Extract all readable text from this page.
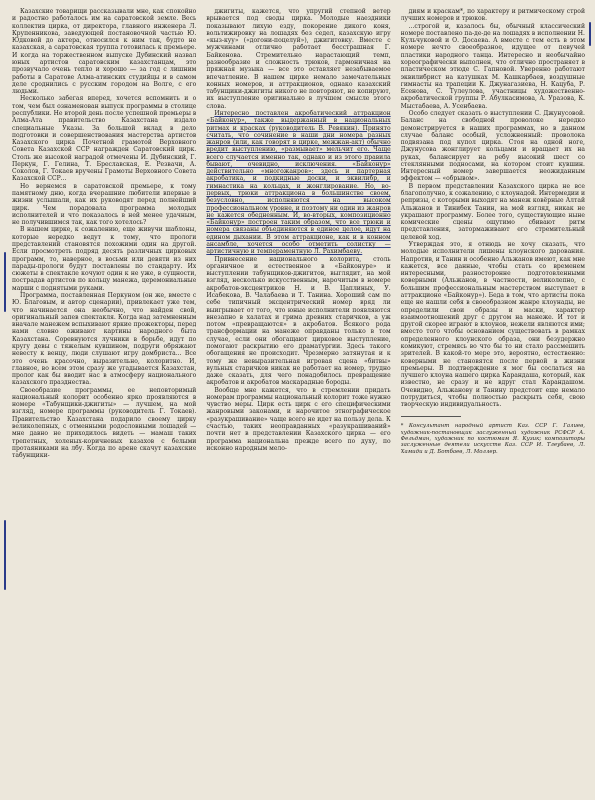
Казахские товарищи рассказывали мне, как спокойно и радостно работалось им на саратовской земле. Весь коллектив цирка, от директора, главного инженера Л. Крупенникова, заведующей постановочной частью Ю. Юдковой до актера, относился к ним так, будто не казахская, а саратовская труппа готовилась к премьере. И когда на торжественном выпуске Дубинский назвал юных артистов саратовским казахстанцам, это прозвучало очень тепло и хорошо — за год с лишним работы в Саратове Алма-атинских студийцы и в самом деле сроднились с русским городом на Волге, с его людьми.

Несколько забегая вперед, хочется вспомнить и о том, чем был ознаменован выпуск программы в столице республики. Не второй день после успешной премьеры в Алма-Ата правительство Казахстана издало специальные Указы. За большой вклад в дело подготовки и совершенствования мастерства артистов Казахского цирка Почетной грамотой Верховного Совета Казахской ССР награжден Саратовский цирк. Столь же высокой наградой отмечены И. Дубинский, Г. Перкун, Г. Гелина, Т. Бреславская, Е. Резвачи, А. Соколов, Г. Токаев вручены Грамоты Верховного Совета Казахской ССР...

Но вернемся в саратовской премьере, к тому памятному дню, когда вчерашние любители впервые в жизни услышали, как их руководят перед полнейший цирк. Чем порадовала программа молодых исполнителей и что показалось в ней менее удачным, не получившимся так, как того хотелось?

В нашем цирке, к сожалению, еще живучи шаблоны, которые нередко ведут к тому, что прологи представлений становятся похожими один на другой. Если просмотреть подряд десять различных цирковых программ, то, наверное, в восьми или девяти из них парады-прологи будут поставлены по стандарту. Их сюжеты в спектакле кочуют один к не уже, в сущности, пострадав артистов по кольцу манежа, церемониальные марши с поднятыми руками.

Программа, поставленная Перкуном (он же, вместе с Ю. Благовым, и автор сценарии), привлекает уже тем, что начинается она необычно, что найден свой, оригинальный запев спектакля. Когда над затемненным вначале манежем вспыхивают яркие прожекторы, перед нами словно оживают картины народного быта Казахстана. Соревнуются лучники в борьбе, идут по кругу девы с тяжелым кувшином, подруги обряжают невесту к венцу, люди слушают игру домбриста... Все это очень красочно, выразительно, колоритно. И, главное, во всем этом сразу же угадывается Казахстан, пролог как бы вводит нас в атмосферу национального казахского празднества.

Своеобразие программы, ее неповторимый национальный колорит особенно ярко проявляются в номере «Табунщики-джигиты» — лучшем, на мой взгляд, номере программы (руководитель Г. Токаев). Правительство Казахстана подарило своему цирку великолепных, с отменными родословными лошадей — мне давно не приходилось видеть — мамаш таких трепетных, холеных-коричневых казахов с белыми протаяниками на лбу. Когда по арене скачут казахские табунщики-

джигиты, кажется, что упругий степной ветер врывается под своды цирка. Молодые наездники показывают лихую езду, покорение дикого коня, вольтижировку на лошадях без седел, казахскую игру «кыз-куу» («догони-поцелуй»), джигитовку. Вместе с мужчинами отлично работает бесстрашная Г. Байкенова. Стремительно нарастающий темп, разнообразие и сложность трюков, гармоничная на пряжная музыка — все это оставляет незабываемое впечатление. В нашем цирке немало замечательных конных номеров, и аттракционов, однако казахский табунщики-джигиты никого не повторяют, не копируют, их выступление оригинально в лучшем смысле этого слова.

Интересно поставлен акробатический аттракцион «Байконур», также выдержанный в национальных ритмах и красках (руководитель В. Ревякин). Принято считать, что сочинение в наши дни номера разных жанров (или, как говорят в цирке, межжан-акт) обычно вредит выступлению, «размывает» мельчит его. Чаще всего случается именно так, однако и из этого правила бывают, очевидно, исключения. «Байконур» действительно «многожанров»: здесь и партерная акробатика, и подкидные доски, и эквилибр, и гимнастика на кольцах, и жонглирование. Но, во-первых, трюки аттракциона в большинстве своем, безусловно, исполняются на высоком профессиональном уровне, и поэтому ни один из жанров не кажется обедненным. И, во-вторых, композиционно «Байконур» построен таким образом, что все трюки и номера связаны объединяются в единое целое, идут на едином дыхании. В этом аттракционе, как и в конном ансамбле, хочется особо отметить солистку — артистичную и темпераментную Л. Рахимбаеву.

Привнесение национального колорита, столь органичное и естественное в «Байконуре» и выступлении табунщиков-джигитов, выглядит, на мой взгляд, несколько искусственным, нарочитым в номере акробатов-эксцентриков Н. и В. Цаплиных, У. Исабекова, В. Чалабаева и Т. Танина. Хороший сам по себе типичный эксцентрический номер вряд ли выигрывает от того, что юные исполнители появляются внезапно в халатах и грима древних старичков, а уж потом «превращаются» в акробатов. Всякого рода трансформации на манеже оправданы только в том случае, если они обогащают цирковое выступление, помогают раскрытию его драматургии. Здесь такого обогащения не происходит. Чрезмерно затянутая и к тому же невыразительная игровая сцена «битвы» вульных старичков никак не работает на номер, трудно даже сказать, для чего понадобилось превращение акробатов и акробатов маскарадные бороды.

Вообще мне кажется, что в стремлении придать номерам программы национальный колорит тоже нужно чувство меры. Цирк есть цирк с его специфическими жанровыми законами, и нарочитое этнографическое «разукрашивание» чаще всего не идет на пользу дела. К счастью, таких неоправданных «разукрашиваний» почти нет в представлении Казахского цирка — его программа национальна прежде всего по духу, по исконно народным мело-

диям и краскам*, по характеру и ритмическому строй лучших номеров и трюков.

...строгой и, казалось бы, обычный классический номере поставлено па-де-де на лошадях в исполнении Н. Кульчуковой и О. Досаева. А вместе с тем есть в этом номере нечто своеобразное, идущее от певучей пластики народного танца. Интересно и необычайно хореографически выполнен, что отлично пространяет в пластическом этюде С. Гапновой. Уверенно работают эквилибрист на катушках М. Кашкарбаев, воздушные гимнасты на трапеции К. Джунагазиева, Н. Кацуба, Р. Есенова, С. Тулеулова, участницы художественно-акробатической группы Р. Абулкасимова, А. Уразова, К. Мыстабаева, А. Усенбаева.

Особо следует сказать о выступлении С. Джунусовой. Баланс на свободной проволоке нередко демонстрируется в наших программах, но в данном случае баланс особый, усложненный: проволока подвязана под купол цирка. Стоя на одной ноге, Джунусова жонглирует кольцами и вращает их на руках, балансирует на ребу высокий шест со стеклянными подносами, на котором стоит кувшин. Интересный номер завершается неожиданным эффектом — «обрывом».

В первом представлении Казахского цирка не все благополучно, к сожалению, с клоунадой. Интермедии и репризы, с которыми выходят на манеж ковёрные Алтай Альжанов и Тинибек Танин, на мой взгляд, никак не украшают программу. Более того, существующие ныне комические сцены ощутимо сбивают ритм представления, затормаживают его стремительный целевой ход.

Утверждая это, я отнюдь не хочу сказать, что молодые исполнители лишены клоунского дарования. Напротив, и Танин и особенно Альжанов имеют, как мне кажется, все данные, чтобы стать со временем интересными, разносторонне подготовленными коверными (Альжанов, в частности, великолепно, с большим профессиональным мастерством выступает в аттракционе «Байконур»). Беда в том, что артисты пока еще не нашли себя в своеобразном жанре клоунады, не определили свои образы и маски, характер взаимоотношений друг с другом на манеже. И тот и другой скорее играют в клоунов, нежели являются ими; вместо того чтобы основанием существовать в рамках определенного клоунского образа, они безудержно комикуют, стремясь во что бы то ни стало рассмешить зрителей. В какой-то мере это, вероятно, естественно: коверными не становятся после первой в жизни премьеры. В подтверждение я мог бы сослаться на лучшего клоуна нашего цирка Карандаша, который, как известно, не сразу и не вдруг стал Карандашом. Очевидно, Альжанову и Танину предстоит еще немало потрудиться, чтобы полностью раскрыть себя, свою творческую индивидуальность.

* Консультант народный артист Каз. ССР Г. Галиев, художник-постановщик заслуженный художник РСФСР А. Фельдман, художник по костюмам Я. Кузик; композиторы заслуженные деятели искусств Каз. ССР И. Тлеубаев, Л. Хамиди и Д. Ботбаев, Л. Моллер.
